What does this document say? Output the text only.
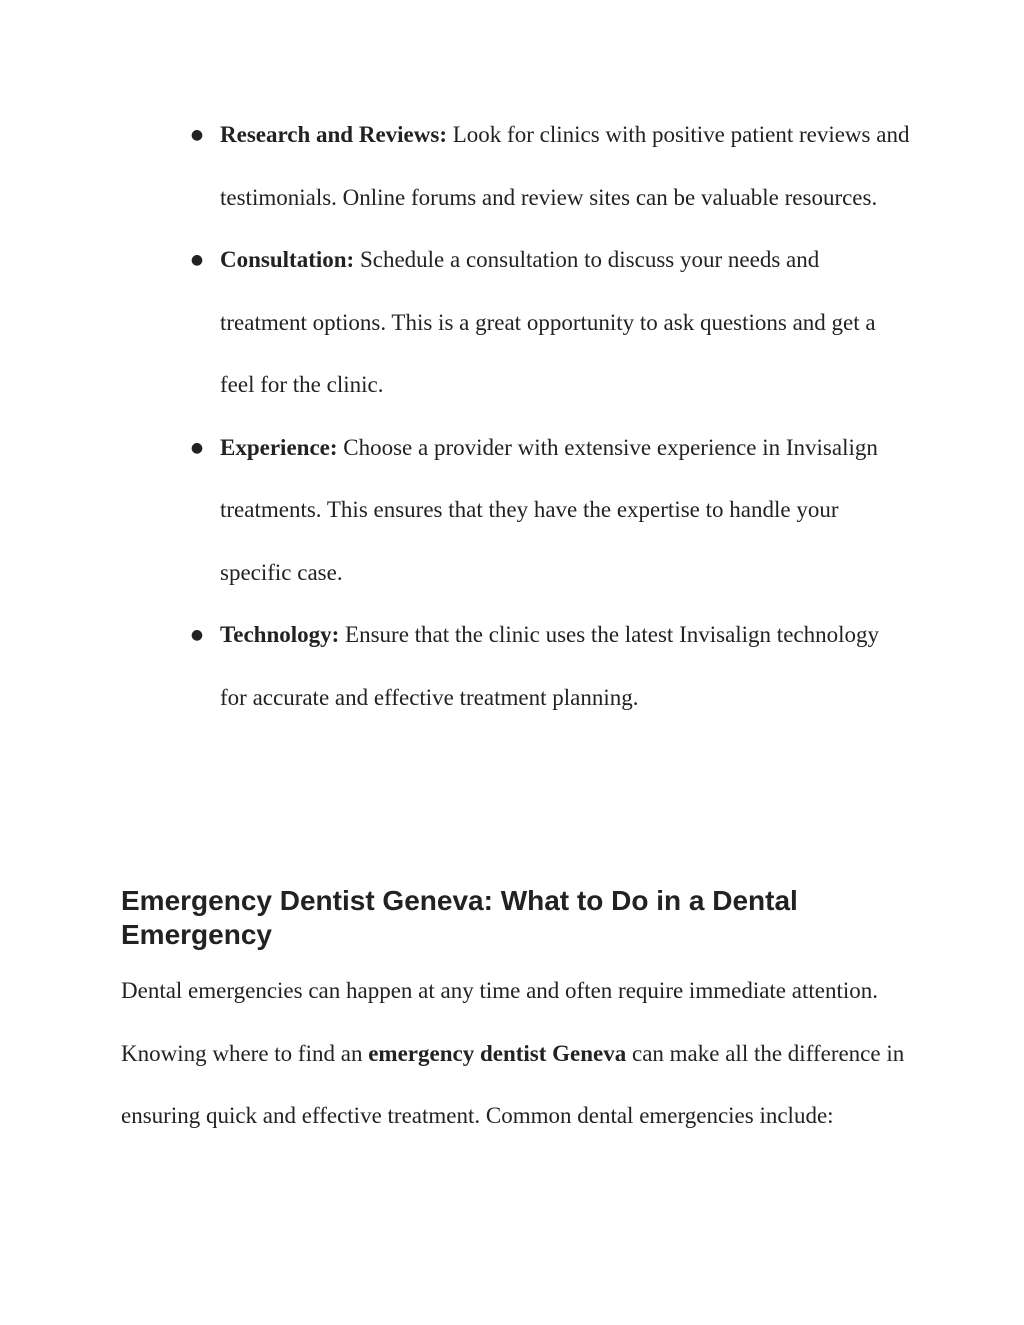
● Research and Reviews: Look for clinics with positive patient reviews and testimonials. Online forums and review sites can be valuable resources.
● Consultation: Schedule a consultation to discuss your needs and treatment options. This is a great opportunity to ask questions and get a feel for the clinic.
● Experience: Choose a provider with extensive experience in Invisalign treatments. This ensures that they have the expertise to handle your specific case.
● Technology: Ensure that the clinic uses the latest Invisalign technology for accurate and effective treatment planning.
Emergency Dentist Geneva: What to Do in a Dental Emergency

Dental emergencies can happen at any time and often require immediate attention. Knowing where to find an emergency dentist Geneva can make all the difference in ensuring quick and effective treatment. Common dental emergencies include:
